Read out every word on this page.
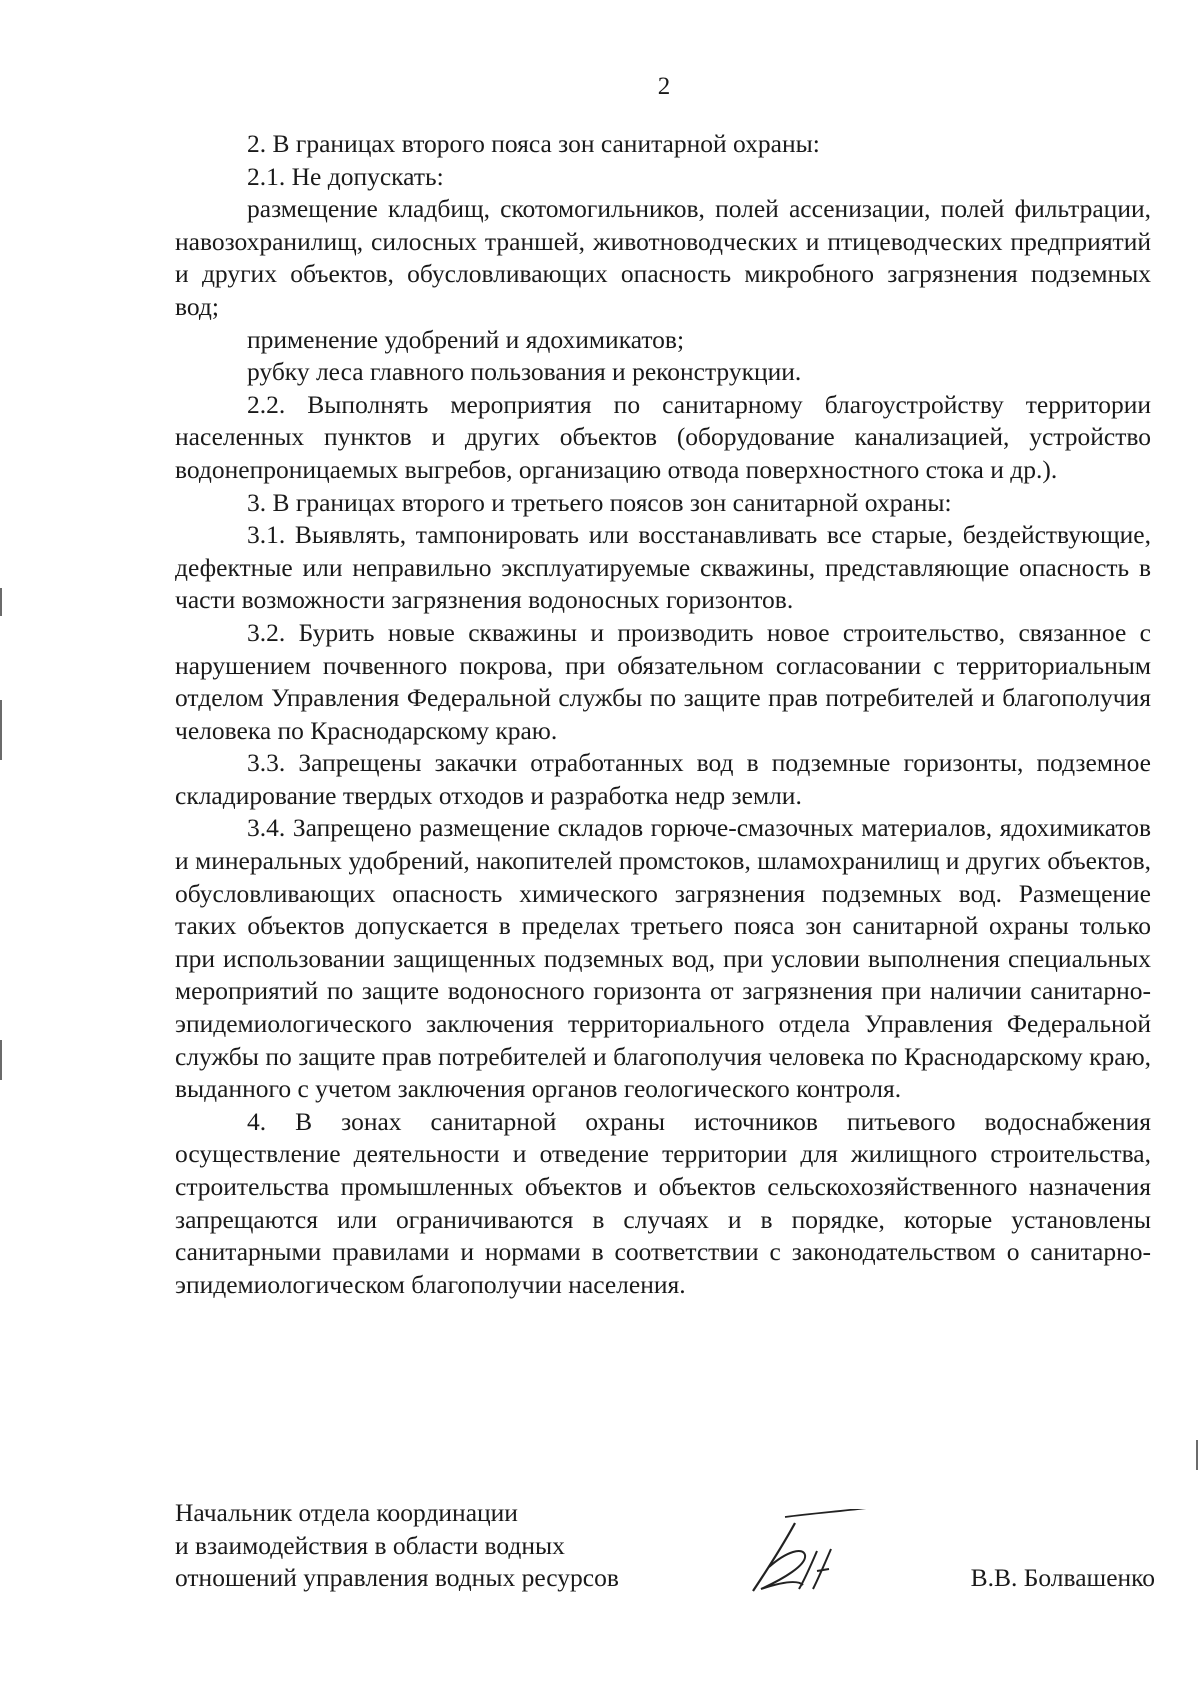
2

2. В границах второго пояса зон санитарной охраны:

2.1. Не допускать:

размещение кладбищ, скотомогильников, полей ассенизации, полей фильтрации, навозохранилищ, силосных траншей, животноводческих и птицеводческих предприятий и других объектов, обусловливающих опасность микробного загрязнения подземных вод;

применение удобрений и ядохимикатов;

рубку леса главного пользования и реконструкции.

2.2. Выполнять мероприятия по санитарному благоустройству территории населенных пунктов и других объектов (оборудование канализацией, устройство водонепроницаемых выгребов, организацию отвода поверхностного стока и др.).

3. В границах второго и третьего поясов зон санитарной охраны:

3.1. Выявлять, тампонировать или восстанавливать все старые, бездействующие, дефектные или неправильно эксплуатируемые скважины, представляющие опасность в части возможности загрязнения водоносных горизонтов.

3.2. Бурить новые скважины и производить новое строительство, связанное с нарушением почвенного покрова, при обязательном согласовании с территориальным отделом Управления Федеральной службы по защите прав потребителей и благополучия человека по Краснодарскому краю.

3.3. Запрещены закачки отработанных вод в подземные горизонты, подземное складирование твердых отходов и разработка недр земли.

3.4. Запрещено размещение складов горюче-смазочных материалов, ядохимикатов и минеральных удобрений, накопителей промстоков, шламохранилищ и других объектов, обусловливающих опасность химического загрязнения подземных вод. Размещение таких объектов допускается в пределах третьего пояса зон санитарной охраны только при использовании защищенных подземных вод, при условии выполнения специальных мероприятий по защите водоносного горизонта от загрязнения при наличии санитарно-эпидемиологического заключения территориального отдела Управления Федеральной службы по защите прав потребителей и благополучия человека по Краснодарскому краю, выданного с учетом заключения органов геологического контроля.

4. В зонах санитарной охраны источников питьевого водоснабжения осуществление деятельности и отведение территории для жилищного строительства, строительства промышленных объектов и объектов сельскохозяйственного назначения запрещаются или ограничиваются в случаях и в порядке, которые установлены санитарными правилами и нормами в соответствии с законодательством о санитарно-эпидемиологическом благополучии населения.

Начальник отдела координации
и взаимодействия в области водных
отношений управления водных ресурсов	В.В. Болвашенко
